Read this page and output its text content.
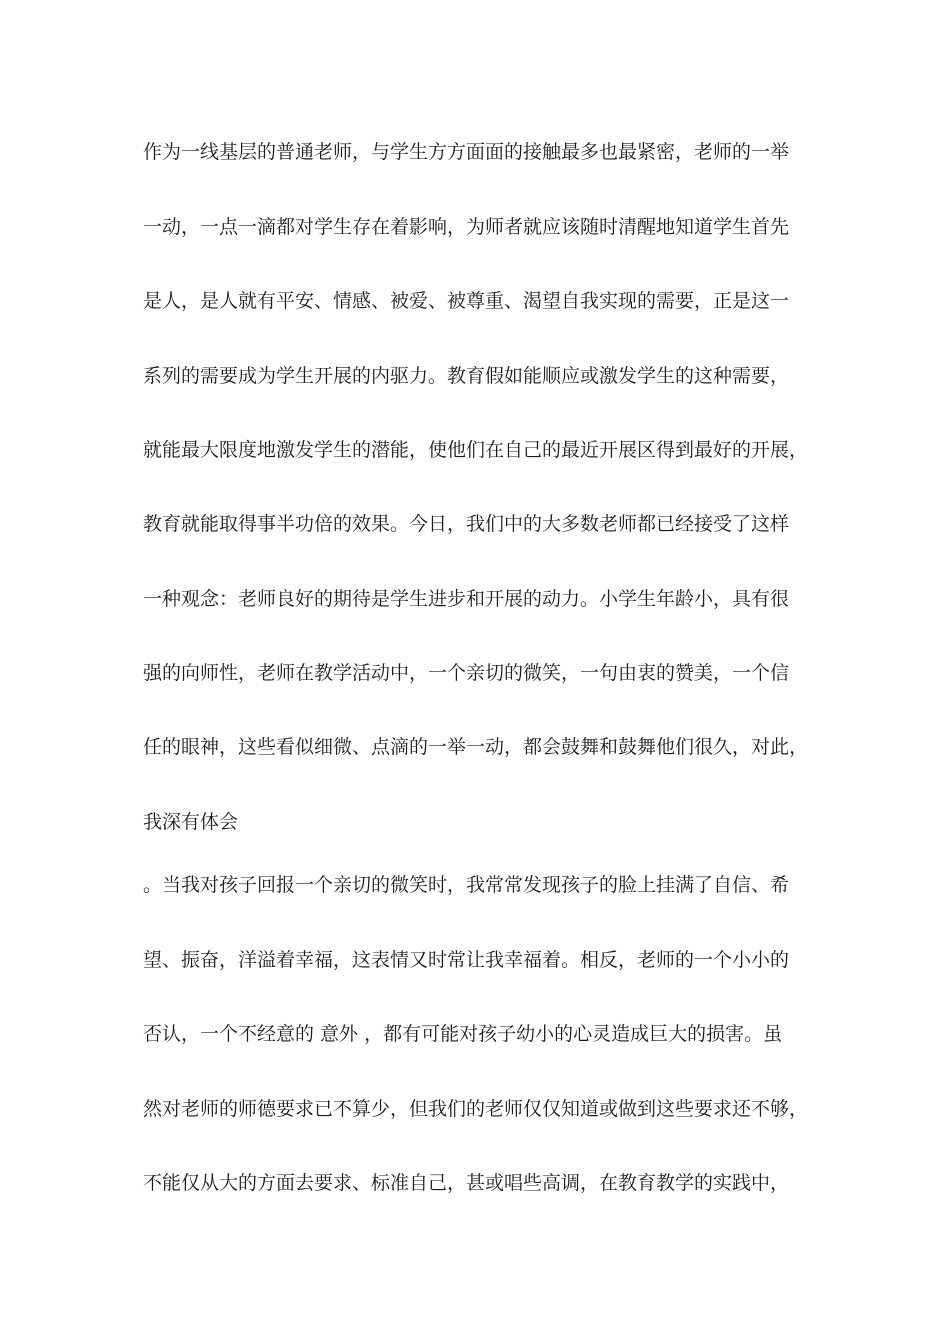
作为一线基层的普通老师，与学生方方面面的接触最多也最紧密，老师的一举
一动，一点一滴都对学生存在着影响，为师者就应该随时清醒地知道学生首先
是人，是人就有平安、情感、被爱、被尊重、渴望自我实现的需要，正是这一
系列的需要成为学生开展的内驱力。教育假如能顺应或激发学生的这种需要，
就能最大限度地激发学生的潜能，使他们在自己的最近开展区得到最好的开展，
教育就能取得事半功倍的效果。今日，我们中的大多数老师都已经接受了这样
一种观念：老师良好的期待是学生进步和开展的动力。小学生年龄小，具有很
强的向师性，老师在教学活动中，一个亲切的微笑，一句由衷的赞美，一个信
任的眼神，这些看似细微、点滴的一举一动，都会鼓舞和鼓舞他们很久，对此，
我深有体会
。当我对孩子回报一个亲切的微笑时，我常常发现孩子的脸上挂满了自信、希
望、振奋，洋溢着幸福，这表情又时常让我幸福着。相反，老师的一个小小的
否认，一个不经意的 意外 ，都有可能对孩子幼小的心灵造成巨大的损害。虽
然对老师的师德要求已不算少，但我们的老师仅仅知道或做到这些要求还不够，
不能仅从大的方面去要求、标准自己，甚或唱些高调，在教育教学的实践中，
